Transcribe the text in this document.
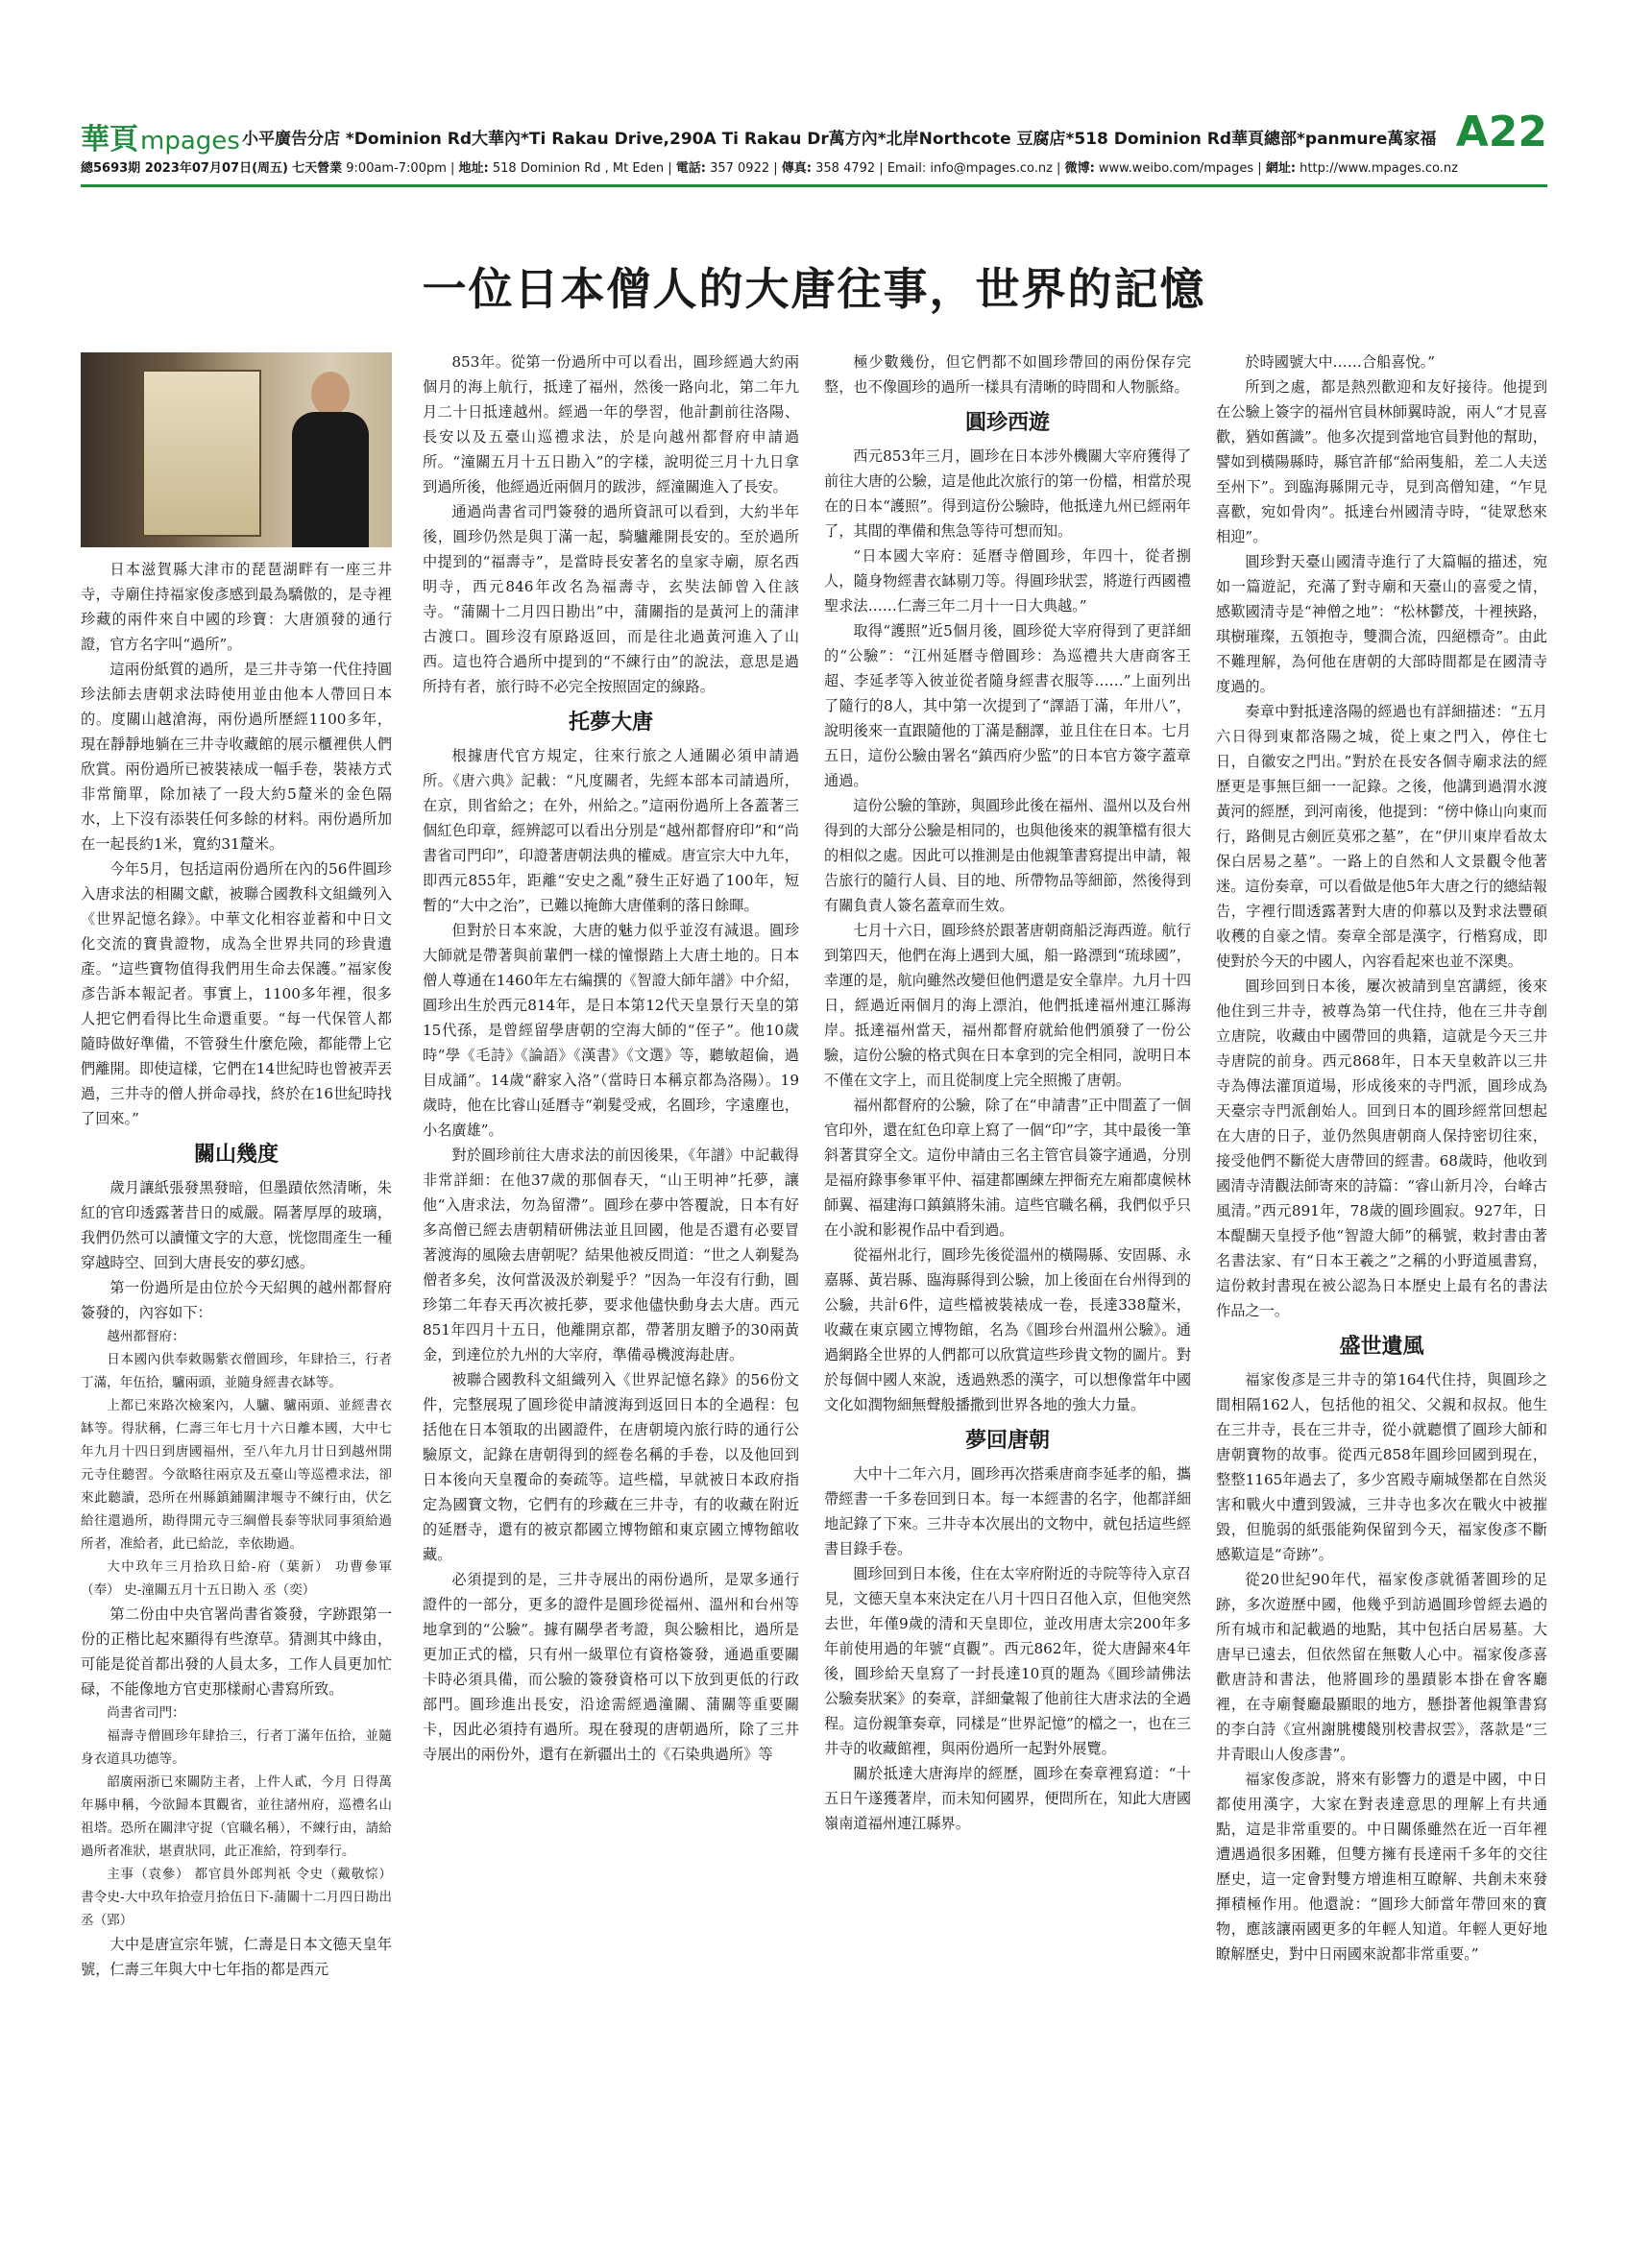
華頁mpages 小平廣告分店 *Dominion Rd大華內*Ti Rakau Drive,290A Ti Rakau Dr萬方內*北岸Northcote 豆腐店*518 Dominion Rd華頁總部*panmure萬家福 A22
總5693期 2023年07月07日(周五) 七天營業 9:00am-7:00pm | 地址: 518 Dominion Rd , Mt Eden | 電話: 357 0922 | 傳真: 358 4792 | Email: info@mpages.co.nz | 微博: www.weibo.com/mpages | 網址: http://www.mpages.co.nz
一位日本僧人的大唐往事，世界的記憶

日本滋賀縣大津市的琵琶湖畔有一座三井寺，寺廟住持福家俊彥感到最為驕傲的，是寺裡珍藏的兩件來自中國的珍寶：大唐頒發的通行證，官方名字叫“過所”。

這兩份紙質的過所，是三井寺第一代住持圓珍法師去唐朝求法時使用並由他本人帶回日本的。度關山越滄海，兩份過所歷經1100多年，現在靜靜地躺在三井寺收藏館的展示櫃裡供人們欣賞。兩份過所已被裝裱成一幅手卷，裝裱方式非常簡單，除加裱了一段大約5釐米的金色隔水，上下沒有添裝任何多餘的材料。兩份過所加在一起長約1米，寬約31釐米。

今年5月，包括這兩份過所在內的56件圓珍入唐求法的相關文獻，被聯合國教科文組織列入《世界記憶名錄》。中華文化相容並蓄和中日文化交流的寶貴證物，成為全世界共同的珍貴遺產。“這些寶物值得我們用生命去保護。”福家俊彥告訴本報記者。事實上，1100多年裡，很多人把它們看得比生命還重要。“每一代保管人都隨時做好準備，不管發生什麼危險，都能帶上它們離開。即使這樣，它們在14世紀時也曾被弄丟過，三井寺的僧人拼命尋找，終於在16世紀時找了回來。”

關山幾度

歲月讓紙張發黑發暗，但墨蹟依然清晰，朱紅的官印透露著昔日的威嚴。隔著厚厚的玻璃，我們仍然可以讀懂文字的大意，恍惚間產生一種穿越時空、回到大唐長安的夢幻感。

第一份過所是由位於今天紹興的越州都督府簽發的，內容如下：

越州都督府：

日本國內供奉敕賜紫衣僧圓珍，年肆拾三，行者丁滿，年伍拾，驢兩頭，並隨身經書衣缽等。

上都已來路次檢案內，人驢、驢兩頭、並經書衣缽等。得狀稱，仁壽三年七月十六日離本國，大中七年九月十四日到唐國福州，至八年九月廿日到越州開元寺住聽習。今欲略往兩京及五臺山等巡禮求法，卻來此聽讀，恐所在州縣鎮鋪關津堰寺不練行由，伏乞給往還過所，勘得開元寺三綱僧長泰等狀同事須給過所者，准給者，此已給訖，幸依勘過。

大中玖年三月拾玖日給-府（葉新） 功曹參軍（奉） 史-潼關五月十五日勘入 丞（奕）

第二份由中央官署尚書省簽發，字跡跟第一份的正楷比起來顯得有些潦草。猜測其中緣由，可能是從首都出發的人員太多，工作人員更加忙碌，不能像地方官吏那樣耐心書寫所致。

尚書省司門：

福壽寺僧圓珍年肆拾三，行者丁滿年伍拾，並隨身衣道具功德等。

韶廣兩浙已來關防主者，上件人貳，今月 日得萬年縣申稱，今欲歸本貫觀省，並往諸州府，巡禮名山祖塔。恐所在關津守捉（官職名稱），不練行由，請給過所者准狀，堪責狀同，此正准給，符到奉行。

主事（袁參） 都官員外郎判祇 令史（戴敬悰） 書令史-大中玖年拾壹月拾伍日下-蒲關十二月四日勘出 丞（郢）

大中是唐宣宗年號，仁壽是日本文德天皇年號，仁壽三年與大中七年指的都是西元

853年。從第一份過所中可以看出，圓珍經過大約兩個月的海上航行，抵達了福州，然後一路向北，第二年九月二十日抵達越州。經過一年的學習，他計劃前往洛陽、長安以及五臺山巡禮求法，於是向越州都督府申請過所。“潼關五月十五日勘入”的字樣，說明從三月十九日拿到過所後，他經過近兩個月的跋涉，經潼關進入了長安。

通過尚書省司門簽發的過所資訊可以看到，大約半年後，圓珍仍然是與丁滿一起，騎驢離開長安的。至於過所中提到的“福壽寺”，是當時長安著名的皇家寺廟，原名西明寺，西元846年改名為福壽寺，玄奘法師曾入住該寺。“蒲關十二月四日勘出”中，蒲關指的是黃河上的蒲津古渡口。圓珍沒有原路返回，而是往北過黃河進入了山西。這也符合過所中提到的“不練行由”的說法，意思是過所持有者，旅行時不必完全按照固定的線路。

托夢大唐

根據唐代官方規定，往來行旅之人通關必須申請過所。《唐六典》記載：“凡度關者，先經本部本司請過所，在京，則省給之；在外，州給之。”這兩份過所上各蓋著三個紅色印章，經辨認可以看出分別是“越州都督府印”和“尚書省司門印”，印證著唐朝法典的權威。唐宣宗大中九年，即西元855年，距離“安史之亂”發生正好過了100年，短暫的“大中之治”，已難以掩飾大唐僅剩的落日餘暉。

但對於日本來說，大唐的魅力似乎並沒有減退。圓珍大師就是帶著與前輩們一樣的憧憬踏上大唐土地的。日本僧人尊通在1460年左右編撰的《智證大師年譜》中介紹，圓珍出生於西元814年，是日本第12代天皇景行天皇的第15代孫，是曾經留學唐朝的空海大師的“侄子”。他10歲時“學《毛詩》《論語》《漢書》《文選》等，聽敏超倫，過目成誦”。14歲“辭家入洛”（當時日本稱京都為洛陽）。19歲時，他在比睿山延曆寺“剃髮受戒，名圓珍，字遠塵也，小名廣雄”。

對於圓珍前往大唐求法的前因後果，《年譜》中記載得非常詳細：在他37歲的那個春天，“山王明神”托夢，讓他“入唐求法，勿為留滯”。圓珍在夢中答覆說，日本有好多高僧已經去唐朝精研佛法並且回國，他是否還有必要冒著渡海的風險去唐朝呢？結果他被反問道：“世之人剃髮為僧者多矣，汝何當汲汲於剃髮乎？”因為一年沒有行動，圓珍第二年春天再次被托夢，要求他儘快動身去大唐。西元851年四月十五日，他離開京都，帶著朋友贈予的30兩黃金，到達位於九州的大宰府，準備尋機渡海赴唐。

被聯合國教科文組織列入《世界記憶名錄》的56份文件，完整展現了圓珍從申請渡海到返回日本的全過程：包括他在日本領取的出國證件，在唐朝境內旅行時的通行公驗原文，記錄在唐朝得到的經卷名稱的手卷，以及他回到日本後向天皇覆命的奏疏等。這些檔，早就被日本政府指定為國寶文物，它們有的珍藏在三井寺，有的收藏在附近的延曆寺，還有的被京都國立博物館和東京國立博物館收藏。

必須提到的是，三井寺展出的兩份過所，是眾多通行證件的一部分，更多的證件是圓珍從福州、溫州和台州等地拿到的“公驗”。據有關學者考證，與公驗相比，過所是更加正式的檔，只有州一級單位有資格簽發，通過重要關卡時必須具備，而公驗的簽發資格可以下放到更低的行政部門。圓珍進出長安，沿途需經過潼關、蒲關等重要關卡，因此必須持有過所。現在發現的唐朝過所，除了三井寺展出的兩份外，還有在新疆出土的《石染典過所》等

極少數幾份，但它們都不如圓珍帶回的兩份保存完整，也不像圓珍的過所一樣具有清晰的時間和人物脈絡。

圓珍西遊

西元853年三月，圓珍在日本涉外機關大宰府獲得了前往大唐的公驗，這是他此次旅行的第一份檔，相當於現在的日本“護照”。得到這份公驗時，他抵達九州已經兩年了，其間的準備和焦急等待可想而知。

“日本國大宰府：延曆寺僧圓珍，年四十，從者捌人，隨身物經書衣缽剔刀等。得圓珍狀雲，將遊行西國禮聖求法……仁壽三年二月十一日大典越。”

取得“護照”近5個月後，圓珍從大宰府得到了更詳細的“公驗”：“江州延曆寺僧圓珍：為巡禮共大唐商客王超、李延孝等入彼並從者隨身經書衣服等……”上面列出了隨行的8人，其中第一次提到了“譯語丁滿，年卅八”，說明後來一直跟隨他的丁滿是翻譯，並且住在日本。七月五日，這份公驗由署名“鎮西府少監”的日本官方簽字蓋章通過。

這份公驗的筆跡，與圓珍此後在福州、溫州以及台州得到的大部分公驗是相同的，也與他後來的親筆檔有很大的相似之處。因此可以推測是由他親筆書寫提出申請，報告旅行的隨行人員、目的地、所帶物品等細節，然後得到有關負責人簽名蓋章而生效。

七月十六日，圓珍終於跟著唐朝商船泛海西遊。航行到第四天，他們在海上遇到大風，船一路漂到“琉球國”，幸運的是，航向雖然改變但他們還是安全靠岸。九月十四日，經過近兩個月的海上漂泊，他們抵達福州連江縣海岸。抵達福州當天，福州都督府就給他們頒發了一份公驗，這份公驗的格式與在日本拿到的完全相同，說明日本不僅在文字上，而且從制度上完全照搬了唐朝。

福州都督府的公驗，除了在“申請書”正中間蓋了一個官印外，還在紅色印章上寫了一個“印”字，其中最後一筆斜著貫穿全文。這份申請由三名主管官員簽字通過，分別是福府錄事參軍平仲、福建都團練左押衙充左廂都虞候林師翼、福建海口鎮鎮將朱浦。這些官職名稱，我們似乎只在小說和影視作品中看到過。

從福州北行，圓珍先後從溫州的橫陽縣、安固縣、永嘉縣、黃岩縣、臨海縣得到公驗，加上後面在台州得到的公驗，共計6件，這些檔被裝裱成一卷，長達338釐米，收藏在東京國立博物館，名為《圓珍台州溫州公驗》。通過網路全世界的人們都可以欣賞這些珍貴文物的圖片。對於每個中國人來說，透過熟悉的漢字，可以想像當年中國文化如潤物細無聲般播撒到世界各地的強大力量。

夢回唐朝

大中十二年六月，圓珍再次搭乘唐商李延孝的船，攜帶經書一千多卷回到日本。每一本經書的名字，他都詳細地記錄了下來。三井寺本次展出的文物中，就包括這些經書目錄手卷。

圓珍回到日本後，住在太宰府附近的寺院等待入京召見，文德天皇本來決定在八月十四日召他入京，但他突然去世，年僅9歲的清和天皇即位，並改用唐太宗200年多年前使用過的年號“貞觀”。西元862年，從大唐歸來4年後，圓珍給天皇寫了一封長達10頁的題為《圓珍請佛法公驗奏狀案》的奏章，詳細彙報了他前往大唐求法的全過程。這份親筆奏章，同樣是“世界記憶”的檔之一，也在三井寺的收藏館裡，與兩份過所一起對外展覽。

關於抵達大唐海岸的經歷，圓珍在奏章裡寫道：“十五日午遂獲著岸，而未知何國界，便問所在，知此大唐國嶺南道福州連江縣界。

於時國號大中……合船喜悅。”

所到之處，都是熱烈歡迎和友好接待。他提到在公驗上簽字的福州官員林師翼時說，兩人“才見喜歡，猶如舊識”。他多次提到當地官員對他的幫助，譬如到橫陽縣時，縣官許郁“給兩隻船，差二人夫送至州下”。到臨海縣開元寺，見到高僧知建，“乍見喜歡，宛如骨肉”。抵達台州國清寺時，“徒眾愁來相迎”。

圓珍對天臺山國清寺進行了大篇幅的描述，宛如一篇遊記，充滿了對寺廟和天臺山的喜愛之情，感歎國清寺是“神僧之地”：“松林鬱茂，十裡挾路，琪樹璀璨，五領抱寺，雙澗合流，四絕標奇”。由此不難理解，為何他在唐朝的大部時間都是在國清寺度過的。

奏章中對抵達洛陽的經過也有詳細描述：“五月六日得到東都洛陽之城，從上東之門入，停住七日，自徽安之門出。”對於在長安各個寺廟求法的經歷更是事無巨細一一記錄。之後，他講到過渭水渡黃河的經歷，到河南後，他提到：“傍中條山向東而行，路側見古劍匠莫邪之墓”，在“伊川東岸看故太保白居易之墓”。一路上的自然和人文景觀令他著迷。這份奏章，可以看做是他5年大唐之行的總結報告，字裡行間透露著對大唐的仰慕以及對求法豐碩收穫的自豪之情。奏章全部是漢字，行楷寫成，即使對於今天的中國人，內容看起來也並不深奧。

圓珍回到日本後，屢次被請到皇宮講經，後來他住到三井寺，被尊為第一代住持，他在三井寺創立唐院，收藏由中國帶回的典籍，這就是今天三井寺唐院的前身。西元868年，日本天皇敕許以三井寺為傳法灌頂道場，形成後來的寺門派，圓珍成為天臺宗寺門派創始人。回到日本的圓珍經常回想起在大唐的日子，並仍然與唐朝商人保持密切往來，接受他們不斷從大唐帶回的經書。68歲時，他收到國清寺清觀法師寄來的詩篇：“睿山新月冷，台峰古風清。”西元891年，78歲的圓珍圓寂。927年，日本醍醐天皇授予他“智證大師”的稱號，敕封書由著名書法家、有“日本王羲之”之稱的小野道風書寫，這份敕封書現在被公認為日本歷史上最有名的書法作品之一。

盛世遺風

福家俊彥是三井寺的第164代住持，與圓珍之間相隔162人，包括他的祖父、父親和叔叔。他生在三井寺，長在三井寺，從小就聽慣了圓珍大師和唐朝寶物的故事。從西元858年圓珍回國到現在，整整1165年過去了，多少宮殿寺廟城堡都在自然災害和戰火中遭到毀滅，三井寺也多次在戰火中被摧毀，但脆弱的紙張能夠保留到今天，福家俊彥不斷感歎這是“奇跡”。

從20世紀90年代，福家俊彥就循著圓珍的足跡，多次遊歷中國，他幾乎到訪過圓珍曾經去過的所有城市和記載過的地點，其中包括白居易墓。大唐早已遠去，但依然留在無數人心中。福家俊彥喜歡唐詩和書法，他將圓珍的墨蹟影本掛在會客廳裡，在寺廟餐廳最顯眼的地方，懸掛著他親筆書寫的李白詩《宣州謝朓樓餞別校書叔雲》，落款是“三井青眼山人俊彥書”。

福家俊彥說，將來有影響力的還是中國，中日都使用漢字，大家在對表達意思的理解上有共通點，這是非常重要的。中日關係雖然在近一百年裡遭遇過很多困難，但雙方擁有長達兩千多年的交往歷史，這一定會對雙方增進相互瞭解、共創未來發揮積極作用。他還說：“圓珍大師當年帶回來的寶物，應該讓兩國更多的年輕人知道。年輕人更好地瞭解歷史，對中日兩國來說都非常重要。”
